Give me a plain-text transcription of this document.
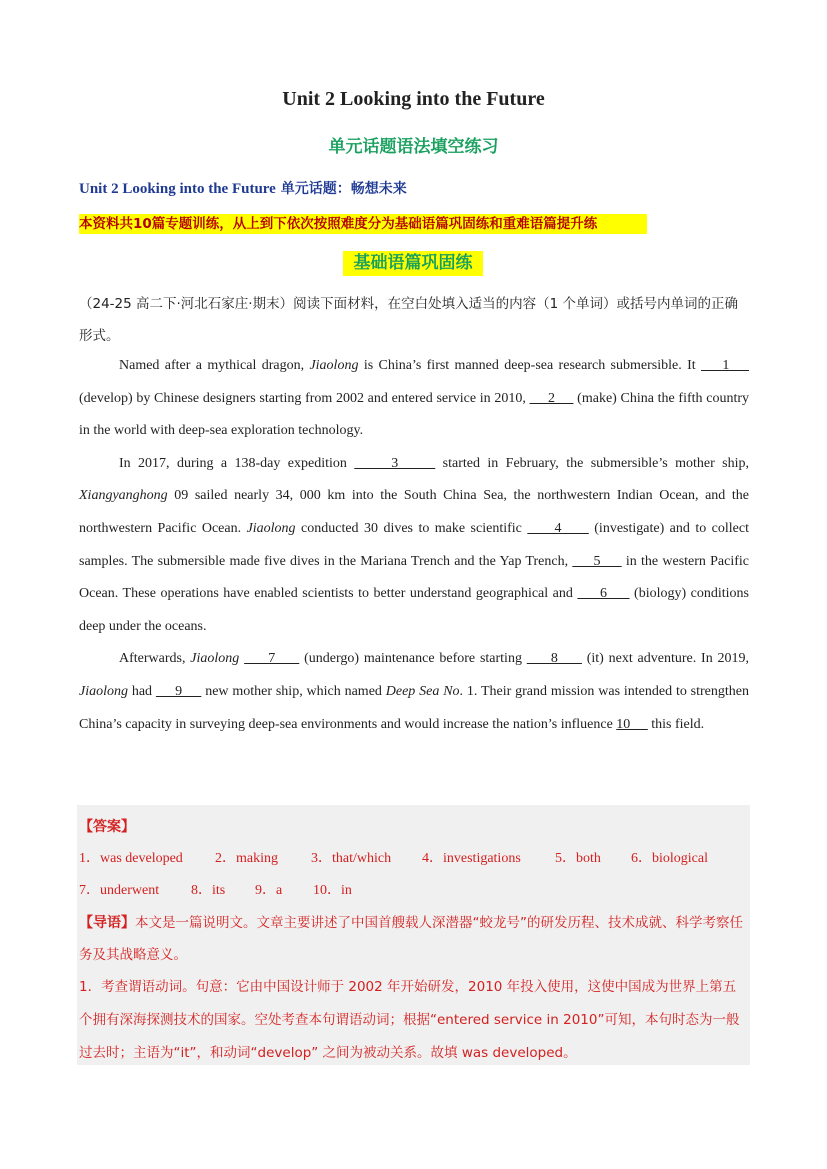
Unit 2 Looking into the Future
单元话题语法填空练习
Unit 2 Looking into the Future 单元话题：畅想未来
本资料共10篇专题训练，从上到下依次按照难度分为基础语篇巩固练和重难语篇提升练
基础语篇巩固练
（24-25 高二下·河北石家庄·期末）阅读下面材料，在空白处填入适当的内容（1 个单词）或括号内单词的正确形式。

Named after a mythical dragon, Jiaolong is China’s first manned deep-sea research submersible. It     1     (develop) by Chinese designers starting from 2002 and entered service in 2010,      2      (make) China the fifth country in the world with deep-sea exploration technology.

In 2017, during a 138-day expedition      3      started in February, the submersible’s mother ship, Xiangyanghong 09 sailed nearly 34, 000 km into the South China Sea, the northwestern Indian Ocean, and the northwestern Pacific Ocean. Jiaolong conducted 30 dives to make scientific      4      (investigate) and to collect samples. The submersible made five dives in the Mariana Trench and the Yap Trench,      5      in the western Pacific Ocean. These operations have enabled scientists to better understand geographical and      6      (biology) conditions deep under the oceans.

Afterwards, Jiaolong      7      (undergo) maintenance before starting      8      (it) next adventure. In 2019, Jiaolong had      9      new mother ship, which named Deep Sea No. 1. Their grand mission was intended to strengthen China’s capacity in surveying deep-sea environments and would increase the nation’s influence 10      this field.

【答案】
1．was developed 2．making 3．that/which 4．investigations 5．both 6．biological
7．underwent 8．its 9．a 10．in
【导语】本文是一篇说明文。文章主要讲述了中国首艘载人深潜器“蛟龙号”的研发历程、技术成就、科学考察任务及其战略意义。
1．考查谓语动词。句意：它由中国设计师于 2002 年开始研发，2010 年投入使用，这使中国成为世界上第五个拥有深海探测技术的国家。空处考查本句谓语动词；根据“entered service in 2010”可知，本句时态为一般过去时；主语为“it”，和动词“develop” 之间为被动关系。故填 was developed。
